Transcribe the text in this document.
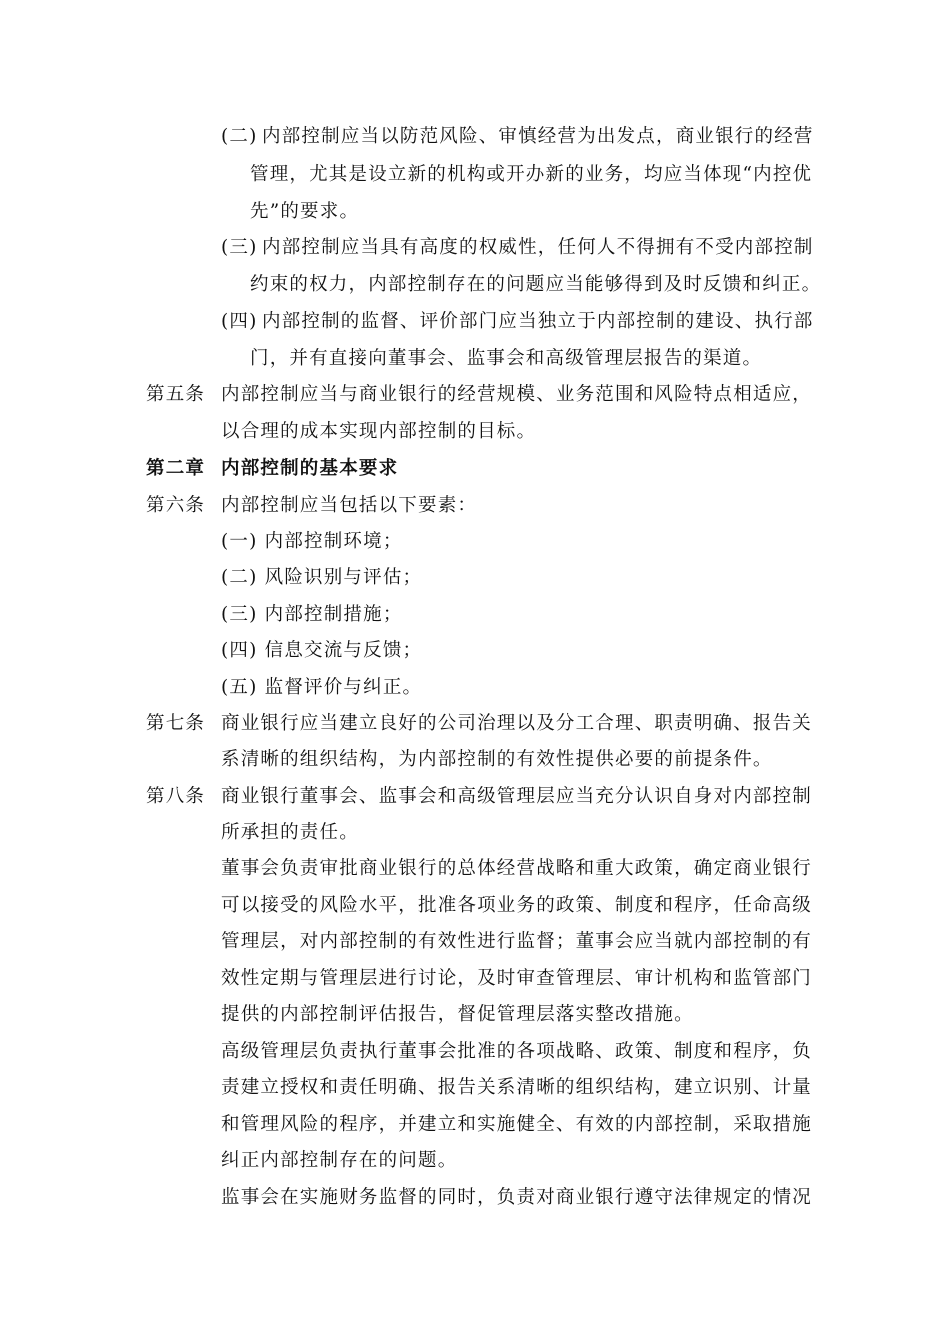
(二) 内部控制应当以防范风险、审慎经营为出发点，商业银行的经营
管理，尤其是设立新的机构或开办新的业务，均应当体现“内控优
先”的要求。
(三) 内部控制应当具有高度的权威性，任何人不得拥有不受内部控制
约束的权力，内部控制存在的问题应当能够得到及时反馈和纠正。
(四) 内部控制的监督、评价部门应当独立于内部控制的建设、执行部
门，并有直接向董事会、监事会和高级管理层报告的渠道。
第五条 内部控制应当与商业银行的经营规模、业务范围和风险特点相适应，
以合理的成本实现内部控制的目标。
第二章 内部控制的基本要求
第六条 内部控制应当包括以下要素：
(一) 内部控制环境；
(二) 风险识别与评估；
(三) 内部控制措施；
(四) 信息交流与反馈；
(五) 监督评价与纠正。
第七条 商业银行应当建立良好的公司治理以及分工合理、职责明确、报告关
系清晰的组织结构，为内部控制的有效性提供必要的前提条件。
第八条 商业银行董事会、监事会和高级管理层应当充分认识自身对内部控制
所承担的责任。
董事会负责审批商业银行的总体经营战略和重大政策，确定商业银行
可以接受的风险水平，批准各项业务的政策、制度和程序，任命高级
管理层，对内部控制的有效性进行监督；董事会应当就内部控制的有
效性定期与管理层进行讨论，及时审查管理层、审计机构和监管部门
提供的内部控制评估报告，督促管理层落实整改措施。
高级管理层负责执行董事会批准的各项战略、政策、制度和程序，负
责建立授权和责任明确、报告关系清晰的组织结构，建立识别、计量
和管理风险的程序，并建立和实施健全、有效的内部控制，采取措施
纠正内部控制存在的问题。
监事会在实施财务监督的同时，负责对商业银行遵守法律规定的情况
